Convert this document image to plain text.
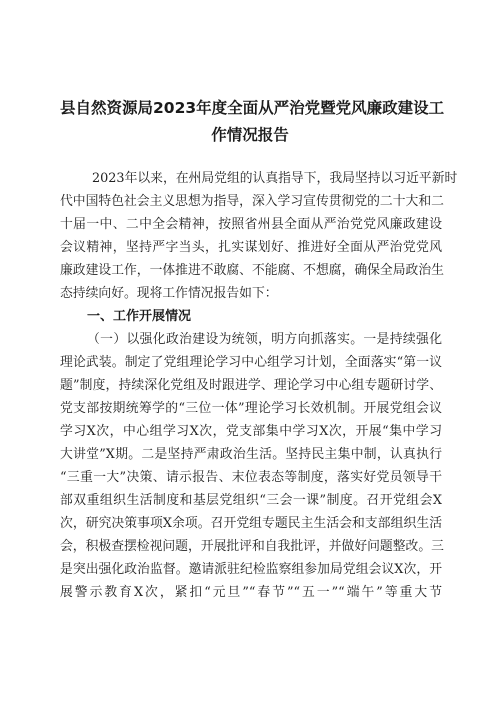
县自然资源局2023年度全面从严治党暨党风廉政建设工
作情况报告

2023年以来，在州局党组的认真指导下，我局坚持以习近平新时

代中国特色社会主义思想为指导，深入学习宣传贯彻党的二十大和二

十届一中、二中全会精神，按照省州县全面从严治党党风廉政建设

会议精神，坚持严字当头，扎实谋划好、推进好全面从严治党党风

廉政建设工作，一体推进不敢腐、不能腐、不想腐，确保全局政治生

态持续向好。现将工作情况报告如下：

一、工作开展情况

（一）以强化政治建设为统领，明方向抓落实。一是持续强化

理论武装。制定了党组理论学习中心组学习计划，全面落实“第一议

题”制度，持续深化党组及时跟进学、理论学习中心组专题研讨学、

党支部按期统筹学的“三位一体”理论学习长效机制。开展党组会议

学习X次，中心组学习X次，党支部集中学习X次，开展“集中学习

大讲堂”X期。二是坚持严肃政治生活。坚持民主集中制，认真执行

“三重一大”决策、请示报告、末位表态等制度，落实好党员领导干

部双重组织生活制度和基层党组织“三会一课”制度。召开党组会X

次，研究决策事项X余项。召开党组专题民主生活会和支部组织生活

会，积极查摆检视问题，开展批评和自我批评，并做好问题整改。三

是突出强化政治监督。邀请派驻纪检监察组参加局党组会议X次，开

展警示教育X次，紧扣“元旦”“春节”“五一”“端午”等重大节
